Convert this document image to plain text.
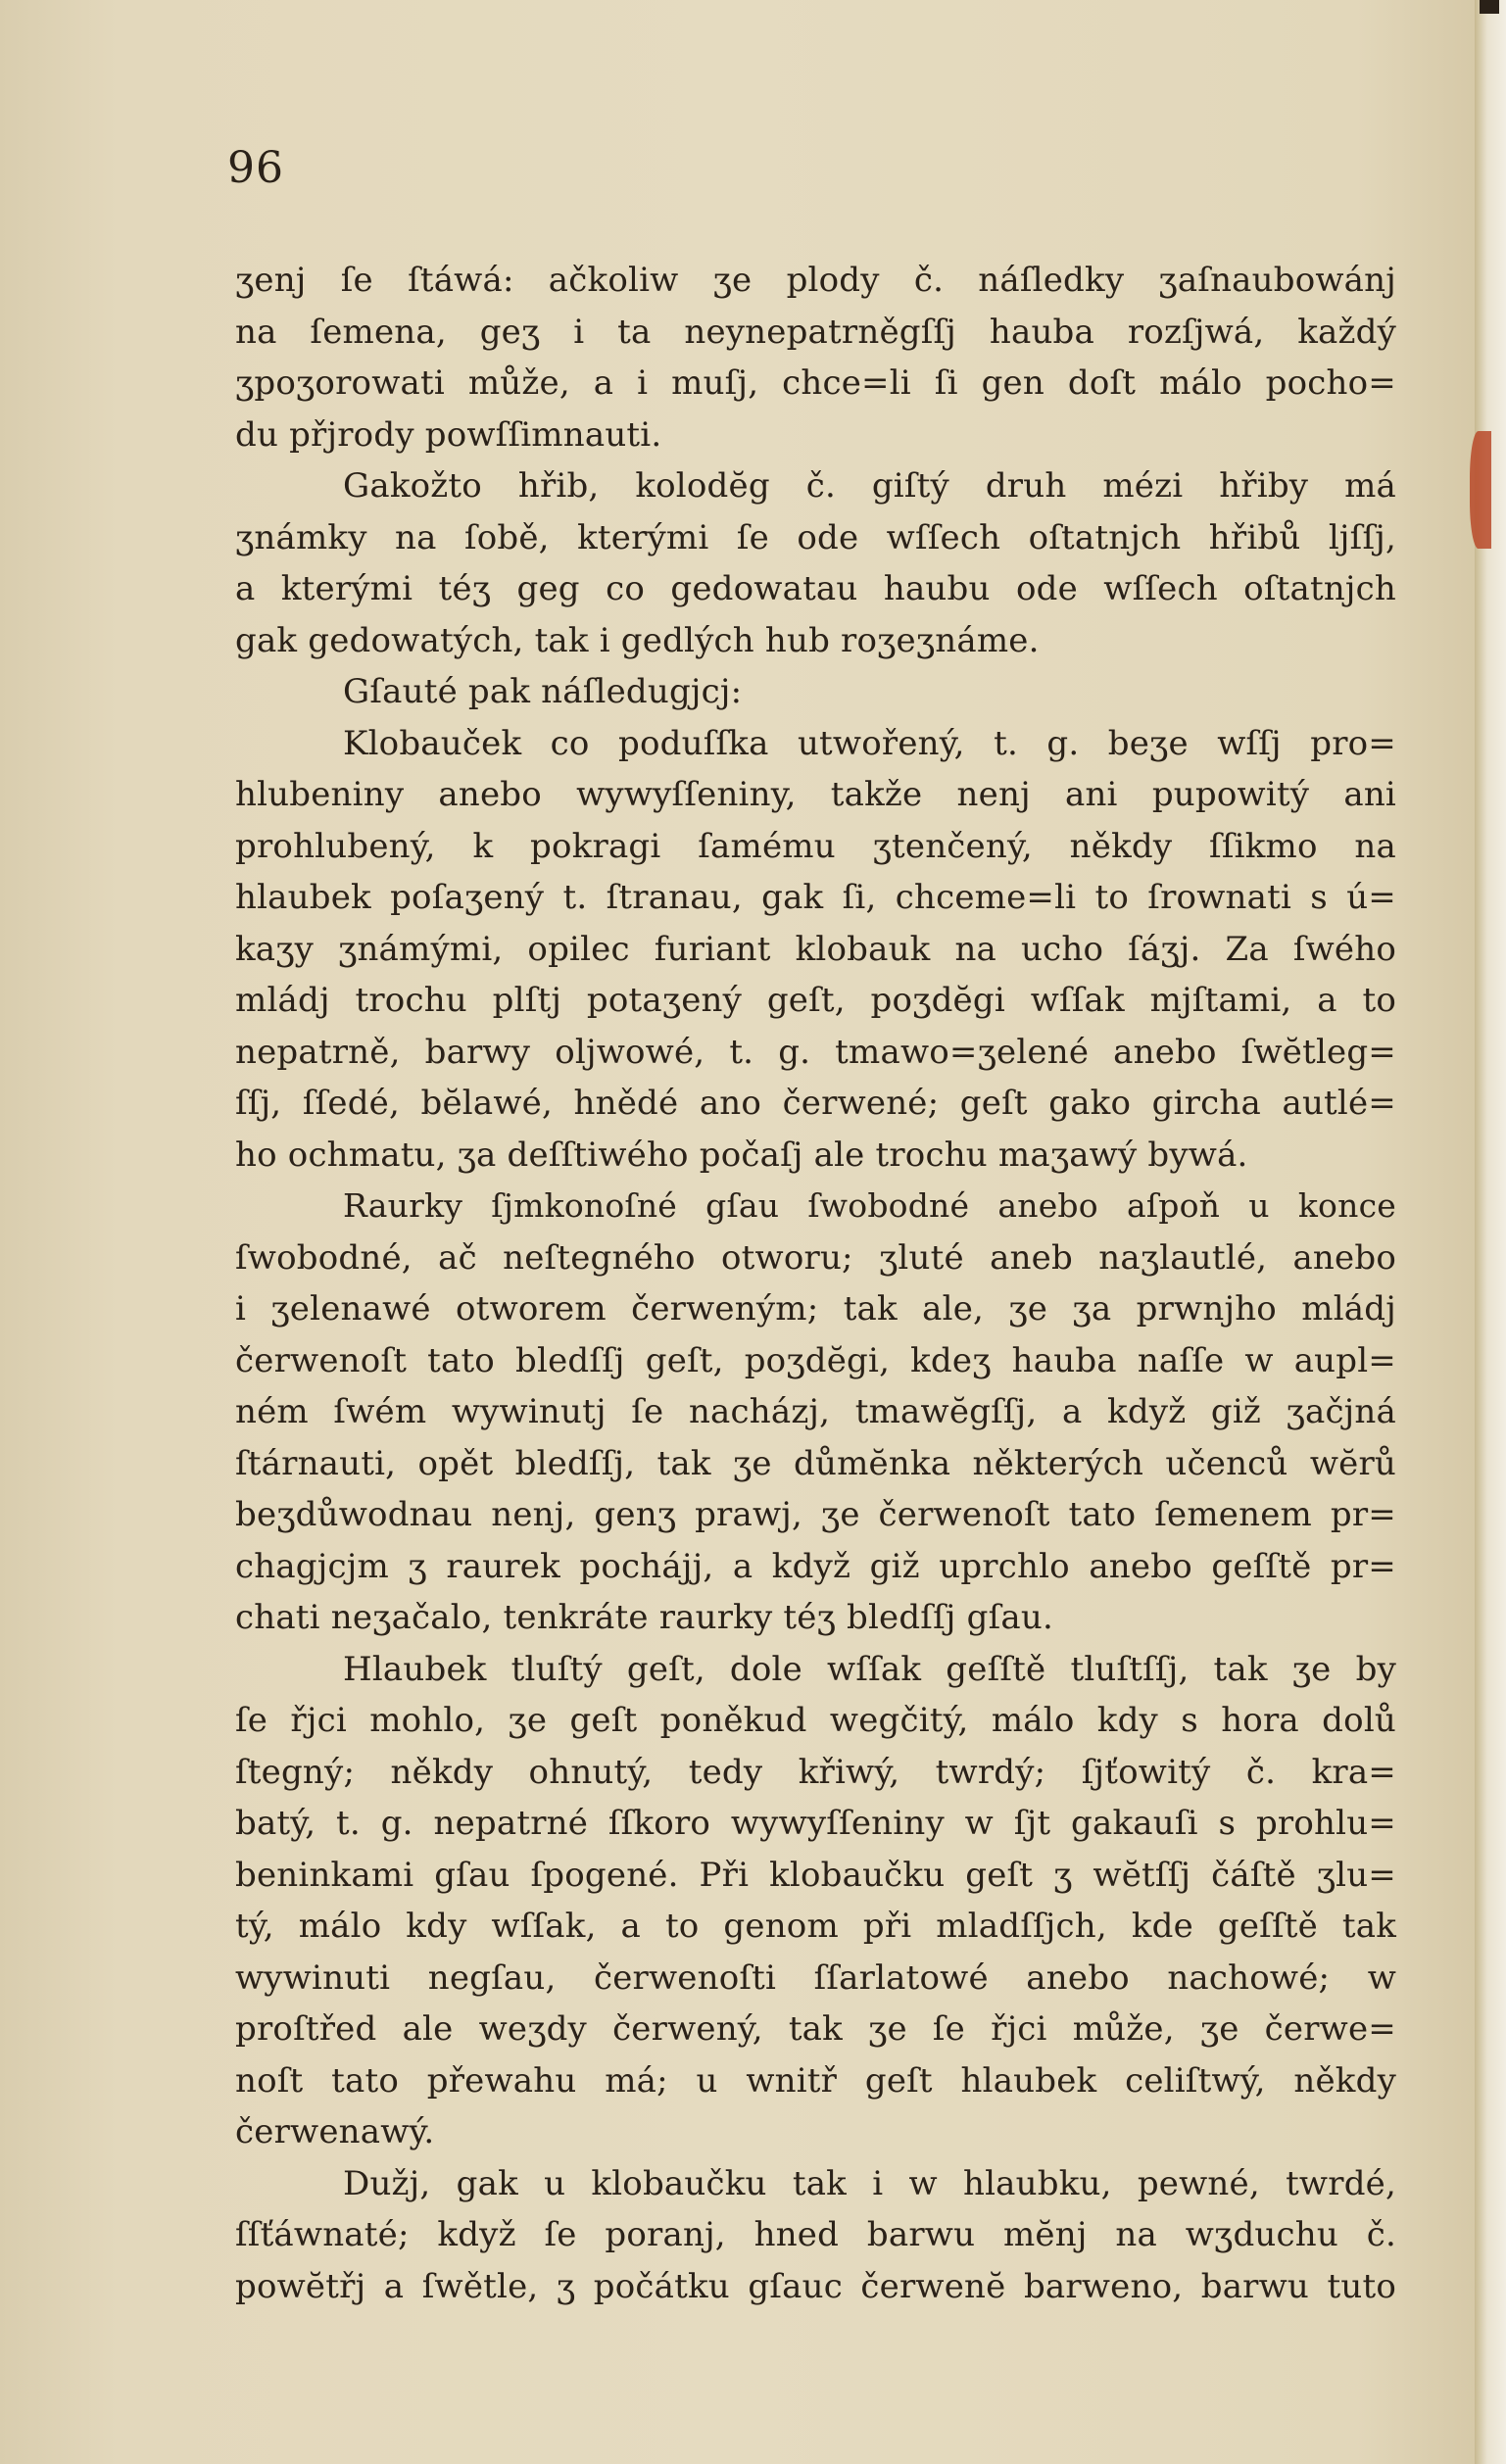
96
ʒenj ſe ſtáwá: ačkoliw ʒe plody č. náſledky ʒaſnaubowánj
na ſemena, geʒ i ta neynepatrněgſſj hauba rozſjwá, každý
ʒpoʒorowati může, a i muſj, chce=li ſi gen doſt málo pocho=
du přjrody powſſimnauti.
Gakožto hřib, kolodĕg č. giſtý druh mézi hřiby má
ʒnámky na ſobě, kterými ſe ode wſſech oſtatnjch hřibů ljſſj,
a kterými téʒ geg co gedowatau haubu ode wſſech oſtatnjch
gak gedowatých, tak i gedlých hub roʒeʒnáme.
Gſauté pak náſledugjcj:
Klobauček co poduſſka utwořený, t. g. beʒe wſſj pro=
hlubeniny anebo wywyſſeniny, takže nenj ani pupowitý ani
prohlubený, k pokragi ſamému ʒtenčený, někdy ſſikmo na
hlaubek poſaʒený t. ſtranau, gak ſi, chceme=li to ſrownati s ú=
kaʒy ʒnámými, opilec furiant klobauk na ucho ſáʒj. Za ſwého
mládj trochu plſtj potaʒený geſt, poʒdĕgi wſſak mjſtami, a to
nepatrně, barwy oljwowé, t. g. tmawo=ʒelené anebo ſwĕtleg=
ſſj, ſſedé, bĕlawé, hnědé ano čerwené; geſt gako gircha autlé=
ho ochmatu, ʒa deſſtiwého počaſj ale trochu maʒawý bywá.
Raurky ſjmkonoſné gſau ſwobodné anebo aſpoň u konce
ſwobodné, ač neſtegného otworu; ʒluté aneb naʒlautlé, anebo
i ʒelenawé otworem čerweným; tak ale, ʒe ʒa prwnjho mládj
čerwenoſt tato bledſſj geſt, poʒdĕgi, kdeʒ hauba naſſe w aupl=
ném ſwém wywinutj ſe nacházj, tmawĕgſſj, a když giž ʒačjná
ſtárnauti, opět bledſſj, tak ʒe důmĕnka některých učenců wĕrů
beʒdůwodnau nenj, genʒ prawj, ʒe čerwenoſt tato ſemenem pr=
chagjcjm ʒ raurek pochájj, a když giž uprchlo anebo geſſtě pr=
chati neʒačalo, tenkráte raurky téʒ bledſſj gſau.
Hlaubek tluſtý geſt, dole wſſak geſſtě tluſtſſj, tak ʒe by
ſe řjci mohlo, ʒe geſt poněkud wegčitý, málo kdy s hora dolů
ſtegný; někdy ohnutý, tedy křiwý, twrdý; ſjťowitý č. kra=
batý, t. g. nepatrné ſſkoro wywyſſeniny w ſjt gakauſi s prohlu=
beninkami gſau ſpogené. Při klobaučku geſt ʒ wĕtſſj čáſtě ʒlu=
tý, málo kdy wſſak, a to genom při mladſſjch, kde geſſtě tak
wywinuti negſau, čerwenoſti ſſarlatowé anebo nachowé; w
proſtřed ale weʒdy čerwený, tak ʒe ſe řjci může, ʒe čerwe=
noſt tato přewahu má; u wnitř geſt hlaubek celiſtwý, někdy
čerwenawý.
Dužj, gak u klobaučku tak i w hlaubku, pewné, twrdé,
ſſťáwnaté; když ſe poranj, hned barwu mĕnj na wʒduchu č.
powĕtřj a ſwětle, ʒ počátku gſauc čerwenĕ barweno, barwu tuto
